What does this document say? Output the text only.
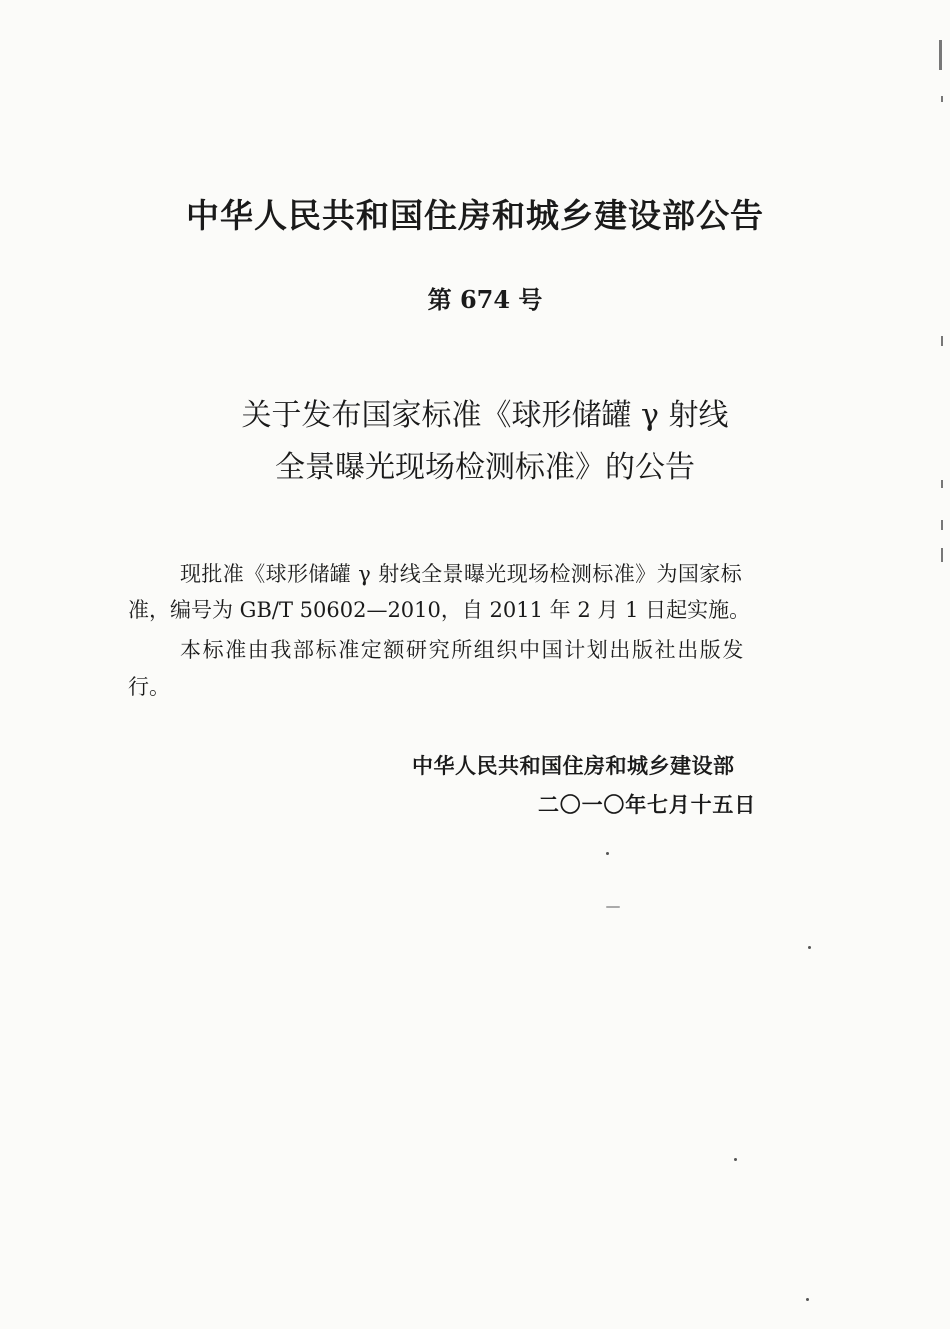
中华人民共和国住房和城乡建设部公告
第 674 号
关于发布国家标准《球形储罐 γ 射线
全景曝光现场检测标准》的公告
现批准《球形储罐 γ 射线全景曝光现场检测标准》为国家标
准，编号为 GB/T 50602—2010，自 2011 年 2 月 1 日起实施。
本标准由我部标准定额研究所组织中国计划出版社出版发
行。
中华人民共和国住房和城乡建设部
二〇一〇年七月十五日
